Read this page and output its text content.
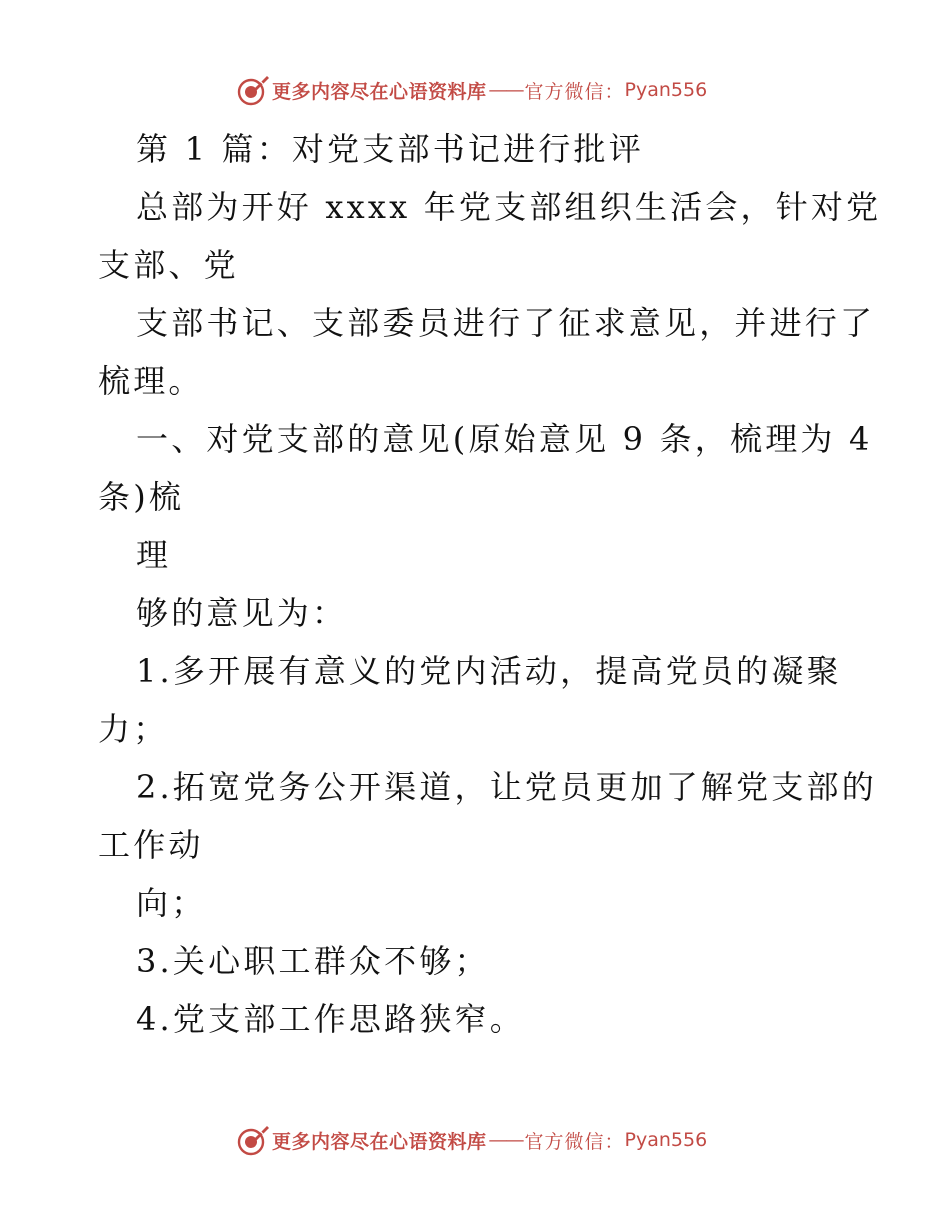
更多内容尽在心语资料库 —— 官方微信： Pyan556
第 1 篇：对党支部书记进行批评
总部为开好 xxxx 年党支部组织生活会，针对党
支部、党
支部书记、支部委员进行了征求意见，并进行了
梳理。
一、对党支部的意见(原始意见 9 条，梳理为 4
条)梳
理
够的意见为：
1.多开展有意义的党内活动，提高党员的凝聚
力；
2.拓宽党务公开渠道，让党员更加了解党支部的
工作动
向；
3.关心职工群众不够；
4.党支部工作思路狭窄。
更多内容尽在心语资料库 —— 官方微信： Pyan556
